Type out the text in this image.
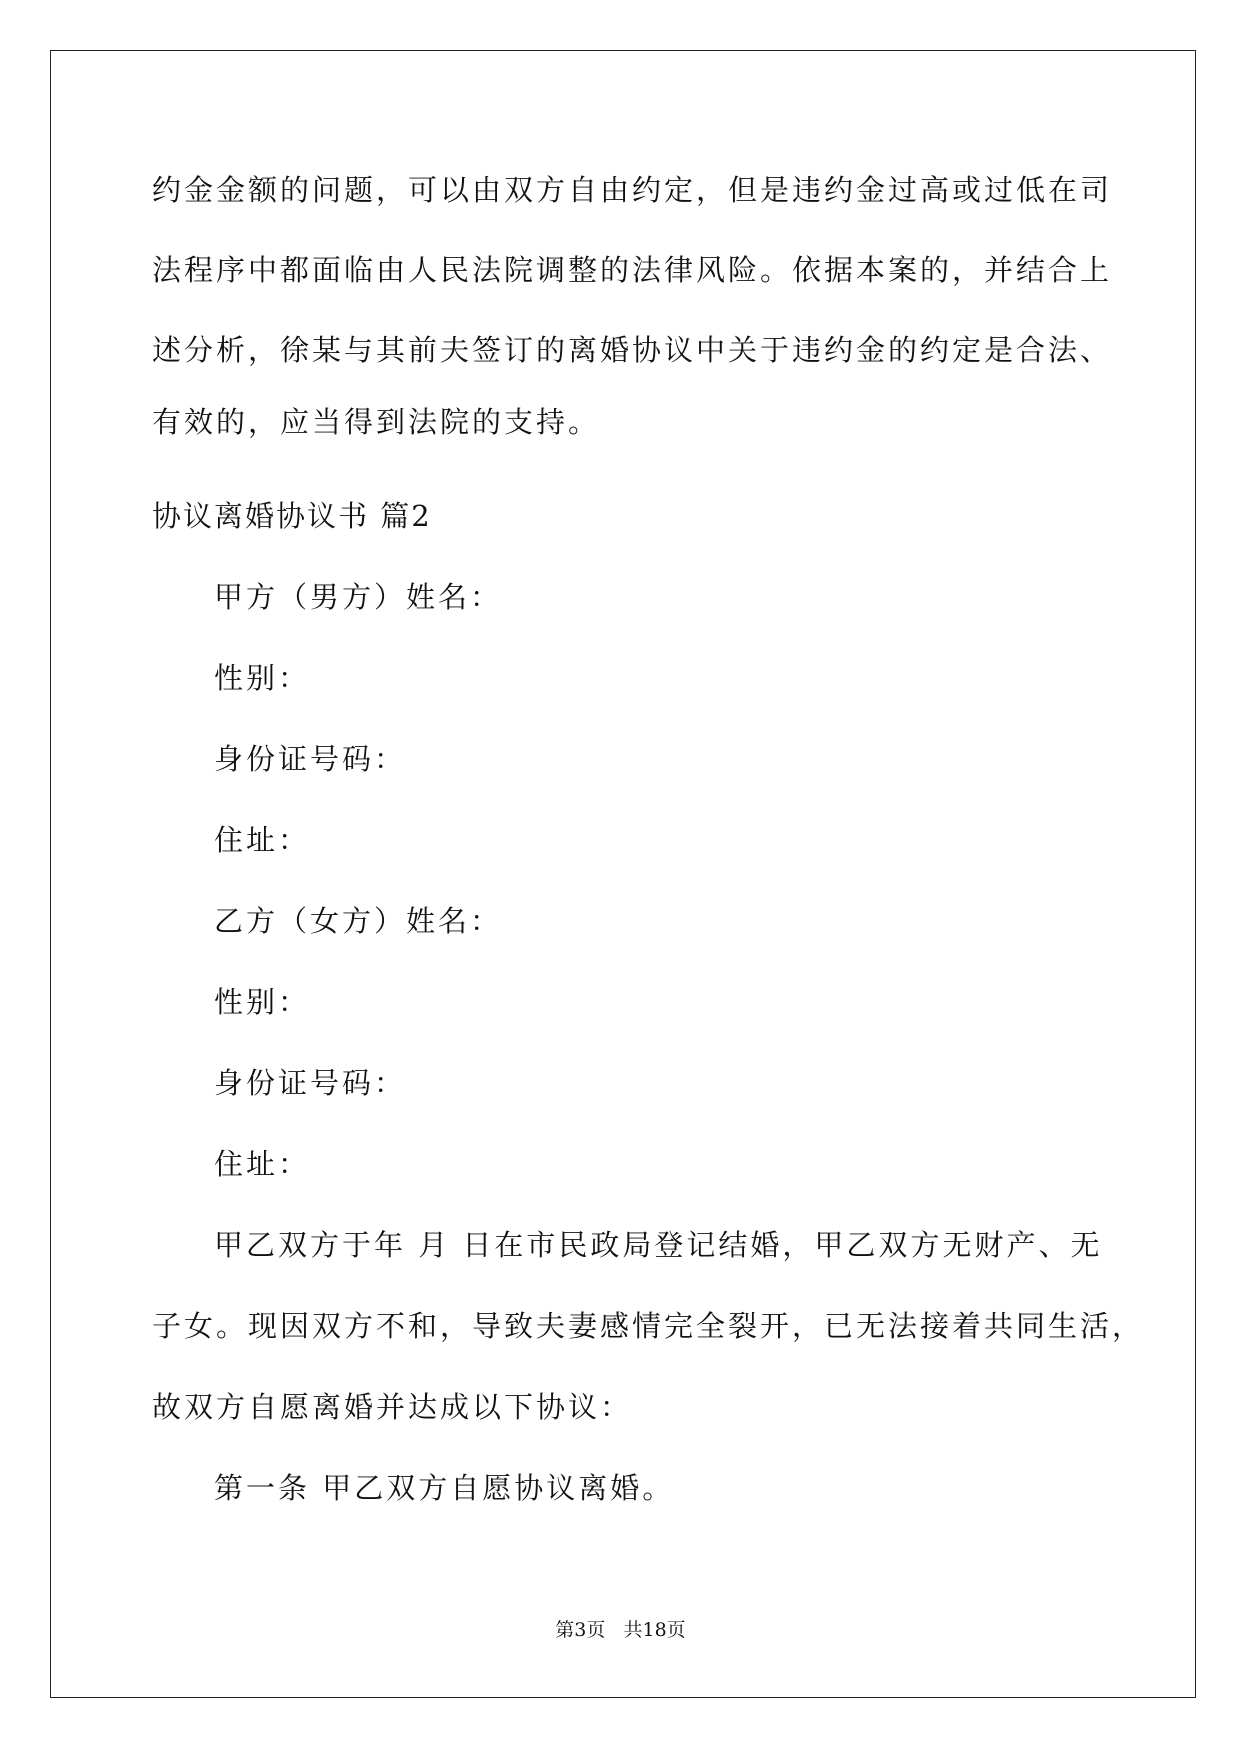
约金金额的问题，可以由双方自由约定，但是违约金过高或过低在司
法程序中都面临由人民法院调整的法律风险。依据本案的，并结合上
述分析，徐某与其前夫签订的离婚协议中关于违约金的约定是合法、
有效的，应当得到法院的支持。
协议离婚协议书 篇2
甲方（男方）姓名：
性别：
身份证号码：
住址：
乙方（女方）姓名：
性别：
身份证号码：
住址：
甲乙双方于年 月 日在市民政局登记结婚，甲乙双方无财产、无
子女。现因双方不和，导致夫妻感情完全裂开，已无法接着共同生活，
故双方自愿离婚并达成以下协议：
第一条 甲乙双方自愿协议离婚。
第3页   共18页
